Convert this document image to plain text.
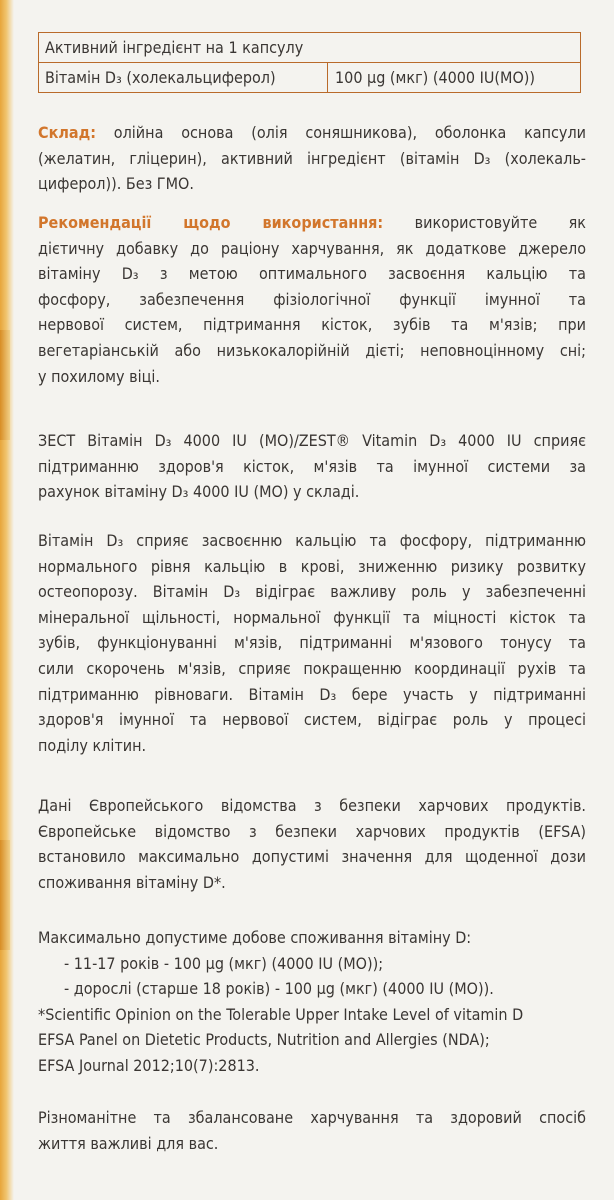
Активний інгредієнт на 1 капсулу
Вітамін D₃ (холекальциферол)	100 μg (мкг) (4000 IU(МО))
Склад: олійна основа (олія соняшникова), оболонка капсули
(желатин, гліцерин), активний інгредієнт (вітамін D₃ (холекаль-
циферол)). Без ГМО.
Рекомендації щодо використання: використовуйте як
дієтичну добавку до раціону харчування, як додаткове джерело
вітаміну D₃ з метою оптимального засвоєння кальцію та
фосфору, забезпечення фізіологічної функції імунної та
нервової систем, підтримання кісток, зубів та м'язів; при
вегетаріанській або низькокалорійній дієті; неповноцінному сні;
у похилому віці.
ЗЕСТ Вітамін D₃ 4000 IU (МО)/ZEST® Vitamin D₃ 4000 IU сприяє
підтриманню здоров'я кісток, м'язів та імунної системи за
рахунок вітаміну D₃ 4000 IU (МО) у складі.
Вітамін D₃ сприяє засвоєнню кальцію та фосфору, підтриманню
нормального рівня кальцію в крові, зниженню ризику розвитку
остеопорозу. Вітамін D₃ відіграє важливу роль у забезпеченні
мінеральної щільності, нормальної функції та міцності кісток та
зубів, функціонуванні м'язів, підтриманні м'язового тонусу та
сили скорочень м'язів, сприяє покращенню координації рухів та
підтриманню рівноваги. Вітамін D₃ бере участь у підтриманні
здоров'я імунної та нервової систем, відіграє роль у процесі
поділу клітин.
Дані Європейського відомства з безпеки харчових продуктів.
Європейське відомство з безпеки харчових продуктів (EFSA)
встановило максимально допустимі значення для щоденної дози
споживання вітаміну D*.
Максимально допустиме добове споживання вітаміну D:
- 11-17 років - 100 μg (мкг) (4000 IU (МО));
- дорослі (старше 18 років) - 100 μg (мкг) (4000 IU (МО)).
*Scientific Opinion on the Tolerable Upper Intake Level of vitamin D
EFSA Panel on Dietetic Products, Nutrition and Allergies (NDA);
EFSA Journal 2012;10(7):2813.
Різноманітне та збалансоване харчування та здоровий спосіб
життя важливі для вас.
